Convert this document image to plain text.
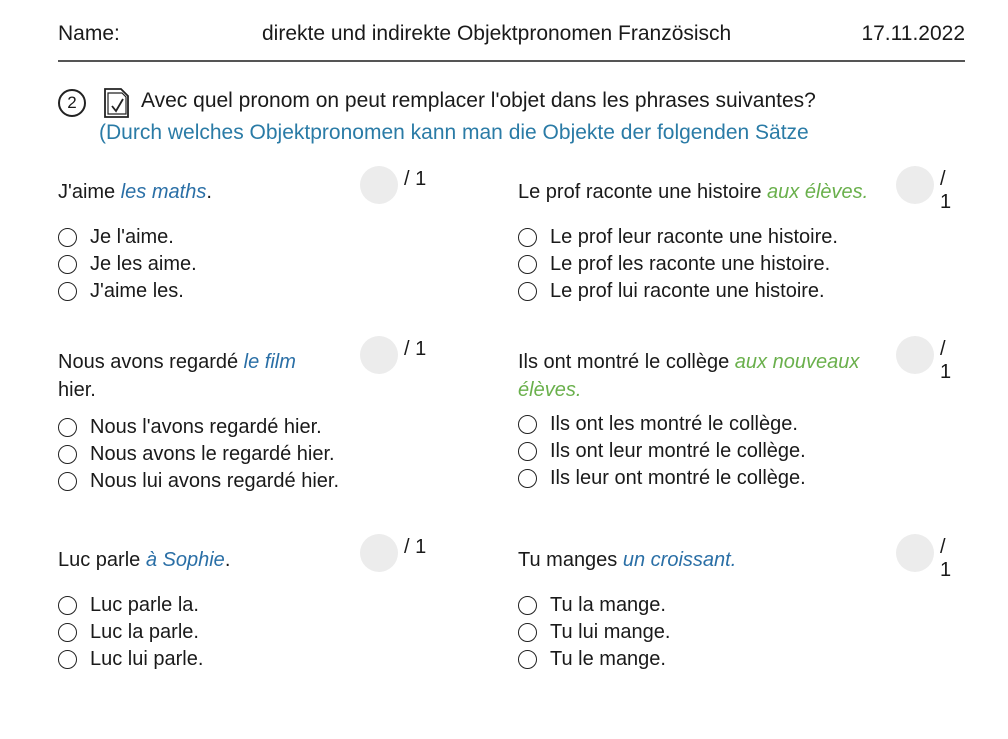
Name:	direkte und indirekte Objektpronomen Französisch	17.11.2022
2	Avec quel pronom on peut remplacer l'objet dans les phrases suivantes?
(Durch welches Objektpronomen kann man die Objekte der folgenden Sätze
J'aime les maths.
/ 1
Je l'aime.
Je les aime.
J'aime les.
Le prof raconte une histoire aux élèves.
/ 1
Le prof leur raconte une histoire.
Le prof les raconte une histoire.
Le prof lui raconte une histoire.
Nous avons regardé le film hier.
/ 1
Nous l'avons regardé hier.
Nous avons le regardé hier.
Nous lui avons regardé hier.
Ils ont montré le collège aux nouveaux élèves.
/ 1
Ils ont les montré le collège.
Ils ont leur montré le collège.
Ils leur ont montré le collège.
Luc parle à Sophie.
/ 1
Luc parle la.
Luc la parle.
Luc lui parle.
Tu manges un croissant.
/ 1
Tu la mange.
Tu lui mange.
Tu le mange.
